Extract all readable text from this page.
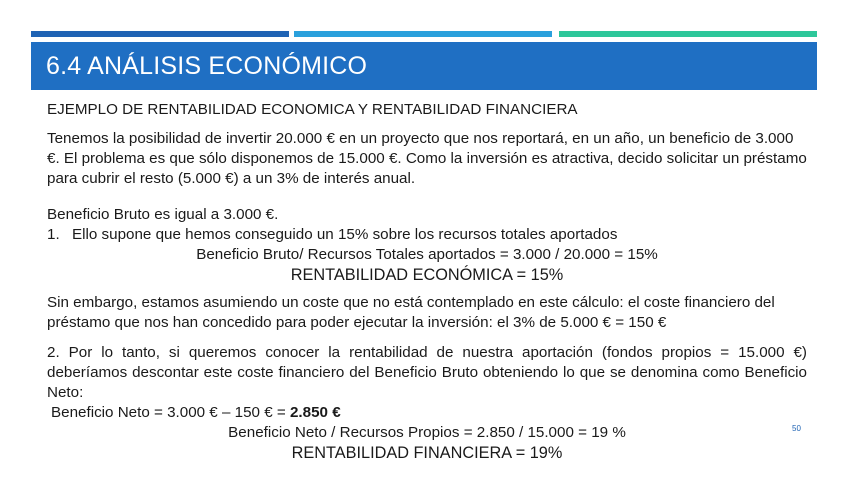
6.4 ANÁLISIS ECONÓMICO

EJEMPLO DE RENTABILIDAD ECONOMICA Y RENTABILIDAD FINANCIERA

Tenemos la posibilidad de invertir 20.000 € en un proyecto que nos reportará, en un año, un beneficio de 3.000 €. El problema es que sólo disponemos de 15.000 €. Como la inversión es atractiva, decido solicitar un préstamo para cubrir el resto (5.000 €) a un 3% de interés anual.

Beneficio Bruto es igual a 3.000 €.

1. Ello supone que hemos conseguido un 15% sobre los recursos totales aportados

Beneficio Bruto/ Recursos Totales aportados = 3.000 / 20.000 = 15%

RENTABILIDAD ECONÓMICA = 15%

Sin embargo, estamos asumiendo un coste que no está contemplado en este cálculo: el coste financiero del préstamo que nos han concedido para poder ejecutar la inversión: el 3% de 5.000 € = 150 €

2. Por lo tanto, si queremos conocer la rentabilidad de nuestra aportación (fondos propios = 15.000 €) deberíamos descontar este coste financiero del Beneficio Bruto obteniendo lo que se denomina como Beneficio Neto:

Beneficio Neto = 3.000 € – 150 € = 2.850 €

Beneficio Neto / Recursos Propios = 2.850 / 15.000 = 19 %

RENTABILIDAD FINANCIERA = 19%

50
